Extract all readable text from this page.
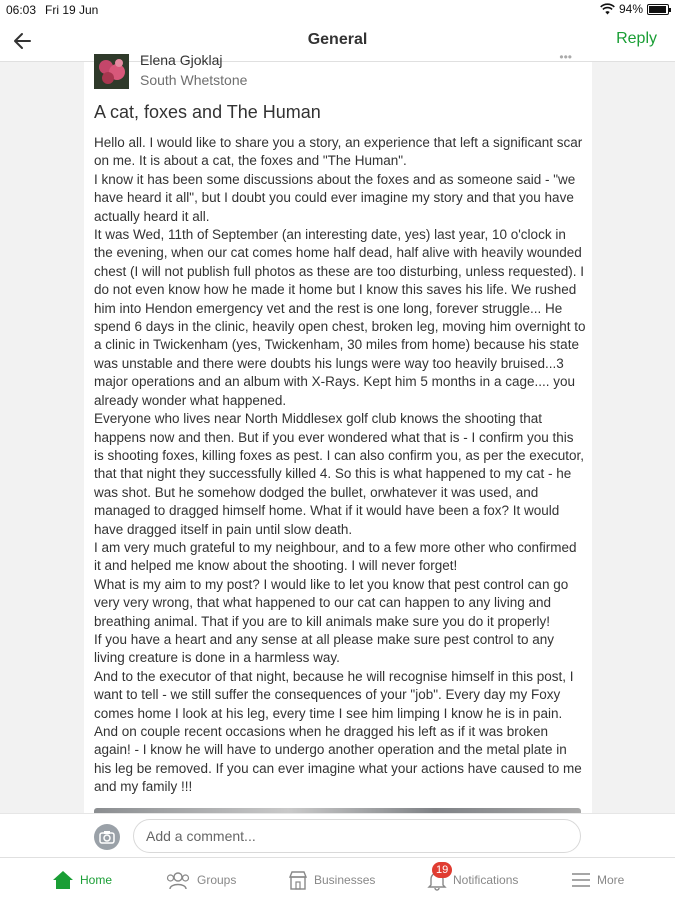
06:03 Fri 19 Jun	94%
General	Reply
Elena Gjoklaj
South Whetstone
•••
A cat, foxes and The Human

Hello all. I would like to share you a story, an experience that left a significant scar on me. It is about a cat, the foxes and "The Human".

I know it has been some discussions about the foxes and as someone said - "we have heard it all", but I doubt you could ever imagine my story and that you have actually heard it all.

It was Wed, 11th of September (an interesting date, yes) last year, 10 o'clock in the evening, when our cat comes home half dead, half alive with heavily wounded chest (I will not publish full photos as these are too disturbing, unless requested). I do not even know how he made it home but I know this saves his life. We rushed him into Hendon emergency vet and the rest is one long, forever struggle... He spend 6 days in the clinic, heavily open chest, broken leg, moving him overnight to a clinic in Twickenham (yes, Twickenham, 30 miles from home) because his state was unstable and there were doubts his lungs were way too heavily bruised...3 major operations and an album with X-Rays. Kept him 5 months in a cage.... you already wonder what happened.

Everyone who lives near North Middlesex golf club knows the shooting that happens now and then. But if you ever wondered what that is - I confirm you this is shooting foxes, killing foxes as pest. I can also confirm you, as per the executor, that that night they successfully killed 4. So this is what happened to my cat - he was shot. But he somehow dodged the bullet, orwhatever it was used, and managed to dragged himself home. What if it would have been a fox? It would have dragged itself in pain until slow death.

I am very much grateful to my neighbour, and to a few more other who confirmed it and helped me know about the shooting. I will never forget!

What is my aim to my post? I would like to let you know that pest control can go very very wrong, that what happened to our cat can happen to any living and breathing animal. That if you are to kill animals make sure you do it properly!

If you have a heart and any sense at all please make sure pest control to any living creature is done in a harmless way.

And to the executor of that night, because he will recognise himself in this post, I want to tell - we still suffer the consequences of your "job". Every day my Foxy comes home I look at his leg, every time I see him limping I know he is in pain. And on couple recent occasions when he dragged his left as if it was broken again! - I know he will have to undergo another operation and the metal plate in his leg be removed. If you can ever imagine what your actions have caused to me and my family !!!

Add a comment...
Home	Groups	Businesses
19
Notifications	More
